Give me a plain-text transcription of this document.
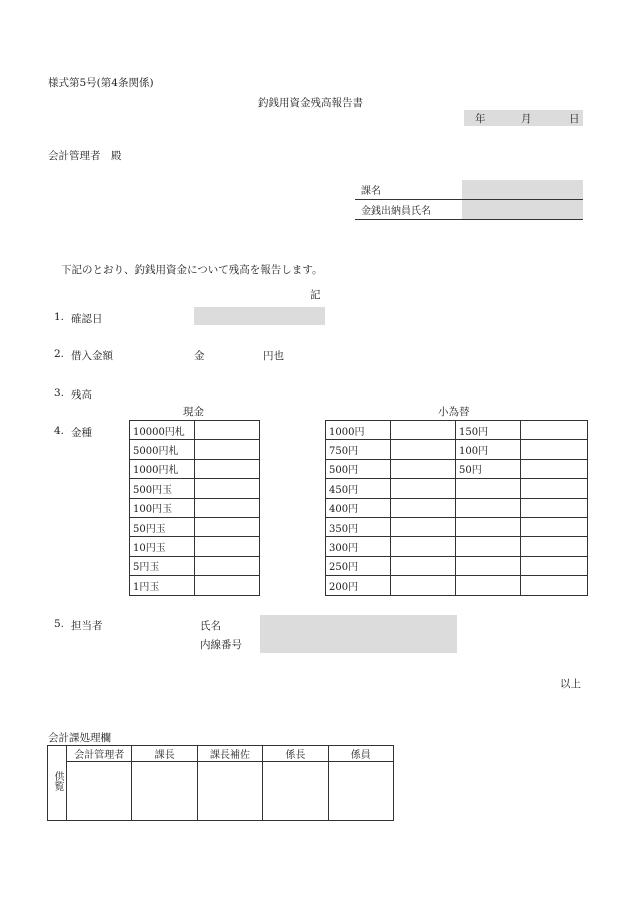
様式第5号(第4条関係)
釣銭用資金残高報告書
年	月	日
会計管理者　殿
課名	
金銭出納員氏名	
下記のとおり、釣銭用資金について残高を報告します。
記
1. 確認日
2. 借入金額	金	円也
3. 残高
現金	小為替
4. 金種	10000円札	
5000円札	
1000円札	
500円玉	
100円玉	
50円玉	
10円玉	
5円玉	
1円玉	
1000円		150円	
750円		100円	
500円		50円	
450円			
400円			
350円			
300円			
250円			
200円			
5. 担当者	氏名
内線番号
以上
会計課処理欄
供覧	会計管理者	課長	課長補佐	係長	係員
